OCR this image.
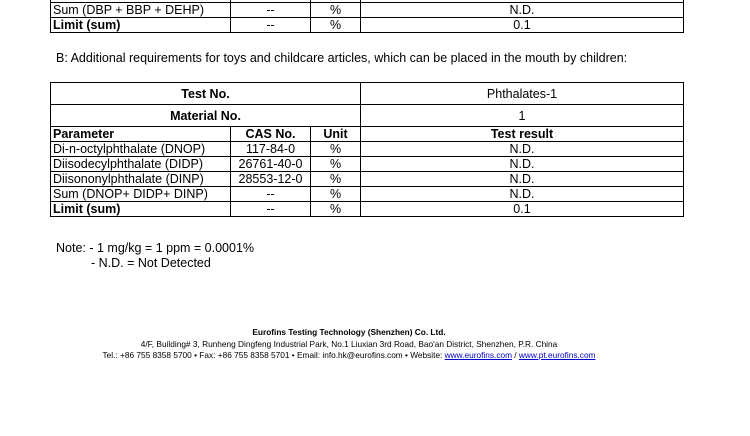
Sum (DBP + BBP + DEHP)	--	%	N.D.
Limit (sum)	--	%	0.1
B: Additional requirements for toys and childcare articles, which can be placed in the mouth by children:
Test No.			Phthalates-1
Material No.			1
Parameter	CAS No.	Unit	Test result
Di-n-octylphthalate (DNOP)	117-84-0	%	N.D.
Diisodecylphthalate (DIDP)	26761-40-0	%	N.D.
Diisononylphthalate (DINP)	28553-12-0	%	N.D.
Sum (DNOP+ DIDP+ DINP)	--	%	N.D.
Limit (sum)	--	%	0.1
Note: - 1 mg/kg = 1 ppm = 0.0001%
- N.D. = Not Detected
Eurofins Testing Technology (Shenzhen) Co. Ltd.
4/F, Building# 3, Runheng Dingfeng Industrial Park, No.1 Liuxian 3rd Road, Bao'an District, Shenzhen, P.R. China
Tel.: +86 755 8358 5700 • Fax: +86 755 8358 5701 • Email: info.hk@eurofins.com • Website: www.eurofins.com / www.pt.eurofins.com
